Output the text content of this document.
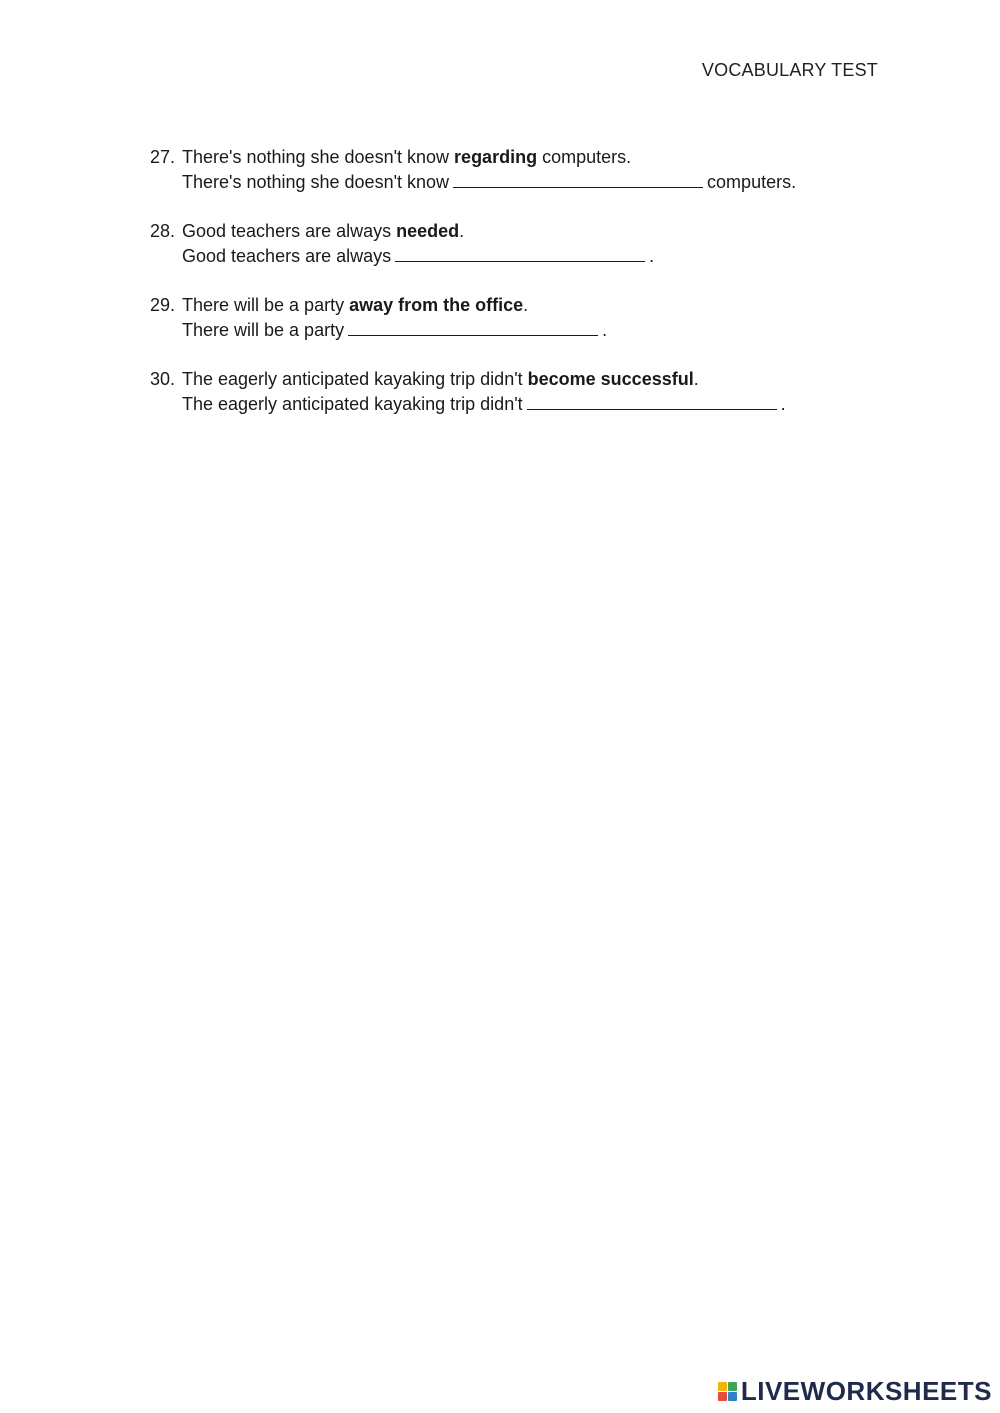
VOCABULARY TEST
27. There's nothing she doesn't know regarding computers.
There's nothing she doesn't know	computers.
28. Good teachers are always needed.
Good teachers are always	.
29. There will be a party away from the office.
There will be a party	.
30. The eagerly anticipated kayaking trip didn't become successful.
The eagerly anticipated kayaking trip didn't	.
LIVEWORKSHEETS
